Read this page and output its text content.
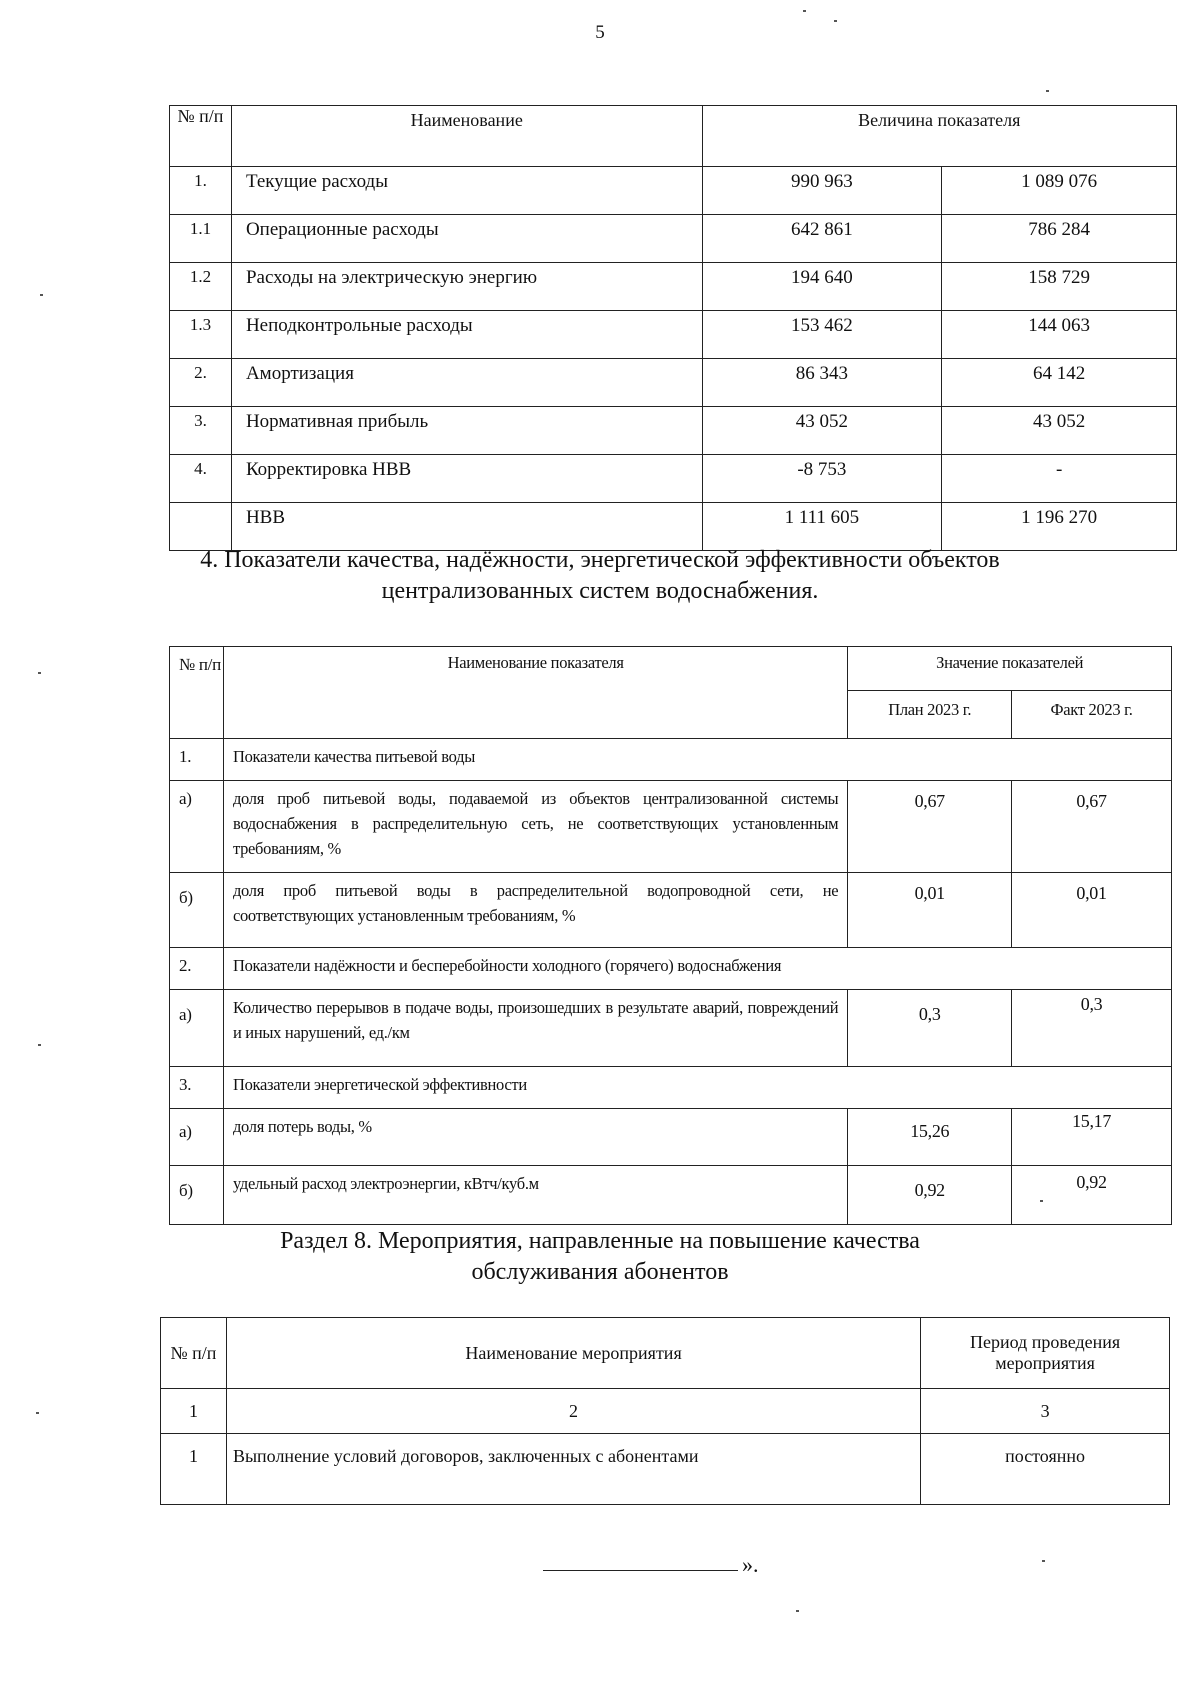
5
№ п/п	Наименование	Величина показателя	
1.	Текущие расходы	990 963	1 089 076
1.1	Операционные расходы	642 861	786 284
1.2	Расходы на электрическую энергию	194 640	158 729
1.3	Неподконтрольные расходы	153 462	144 063
2.	Амортизация	86 343	64 142
3.	Нормативная прибыль	43 052	43 052
4.	Корректировка НВВ	-8 753	-
	НВВ	1 111 605	1 196 270
4. Показатели качества, надёжности, энергетической эффективности объектов
централизованных систем водоснабжения.
№ п/п	Наименование показателя	Значение показателей	
		План 2023 г.	Факт 2023 г.
1.	Показатели качества питьевой воды		
а)	доля проб питьевой воды, подаваемой из объектов централизованной системы водоснабжения в распределительную сеть, не соответствующих установленным требованиям, %	0,67	0,67
б)	доля проб питьевой воды в распределительной водопроводной сети, не соответствующих установленным требованиям, %	0,01	0,01
2.	Показатели надёжности и бесперебойности холодного (горячего) водоснабжения		
а)	Количество перерывов в подаче воды, произошедших в результате аварий, повреждений и иных нарушений, ед./км	0,3	0,3
3.	Показатели энергетической эффективности		
а)	доля потерь воды, %	15,26	15,17
б)	удельный расход электроэнергии, кВтч/куб.м	0,92	0,92
Раздел 8. Мероприятия, направленные на повышение качества
обслуживания абонентов
№ п/п	Наименование мероприятия	Период проведения мероприятия
1	2	3
1	Выполнение условий договоров, заключенных с абонентами	постоянно
».
